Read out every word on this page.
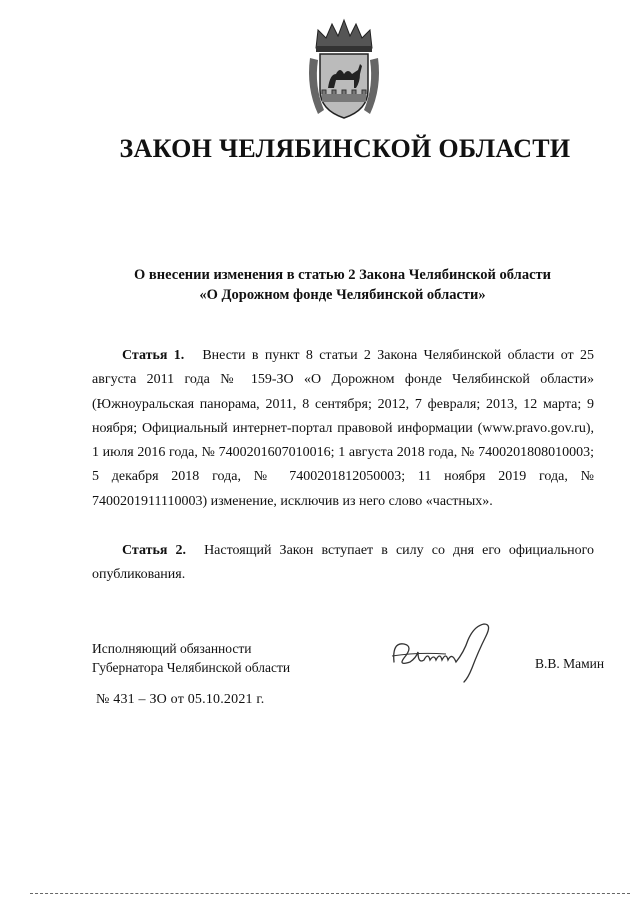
ЗАКОН ЧЕЛЯБИНСКОЙ ОБЛАСТИ
О внесении изменения в статью 2 Закона Челябинской области
«О Дорожном фонде Челябинской области»
Статья 1. Внести в пункт 8 статьи 2 Закона Челябинской области от 25 августа 2011 года № 159-ЗО «О Дорожном фонде Челябинской области» (Южноуральская панорама, 2011, 8 сентября; 2012, 7 февраля; 2013, 12 марта; 9 ноября; Официальный интернет-портал правовой информации (www.pravo.gov.ru), 1 июля 2016 года, № 7400201607010016; 1 августа 2018 года, № 7400201808010003; 5 декабря 2018 года, № 7400201812050003; 11 ноября 2019 года, № 7400201911110003) изменение, исключив из него слово «частных».
Статья 2. Настоящий Закон вступает в силу со дня его официального опубликования.
Исполняющий обязанности
Губернатора Челябинской области	В.В. Мамин
№ 431 – ЗО от 05.10.2021 г.
